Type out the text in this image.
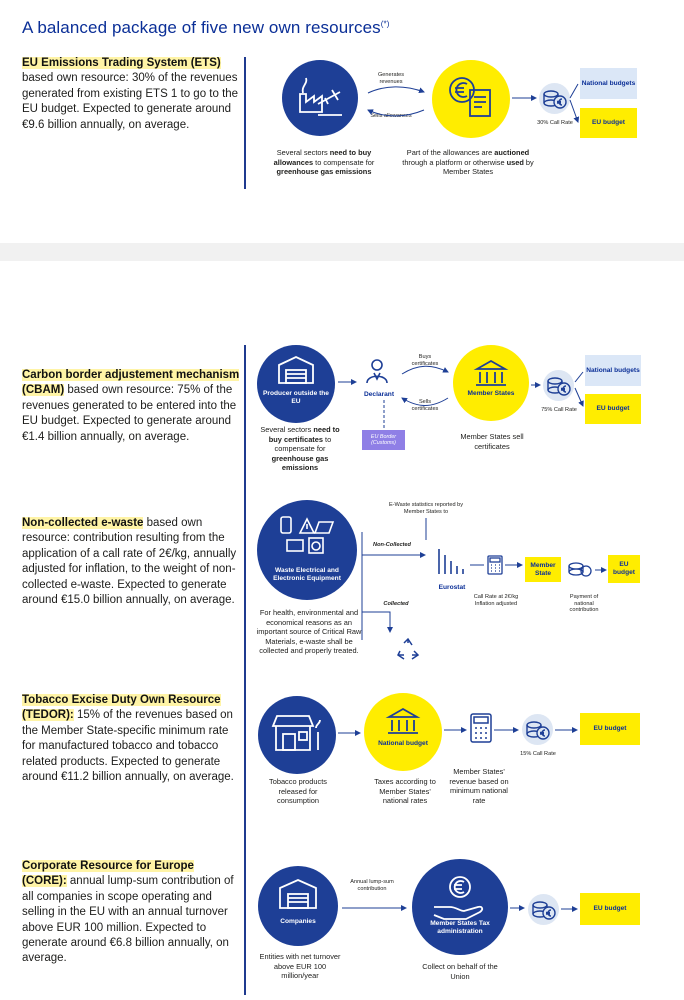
A balanced package of five new own resources(*)
EU Emissions Trading System (ETS)
based own resource: 30% of the revenues generated from existing ETS 1 to go to the EU budget. Expected to generate around €9.6 billion annually, on average.
Generates revenues
Sells allowances
Several sectors need to buy allowances to compensate for greenhouse gas emissions
Part of the allowances are auctioned through a platform or otherwise used by Member States
30% Call Rate
National budgets
EU budget
Carbon border adjustement mechanism (CBAM) based own resource: 75% of the revenues generated to be entered into the EU budget. Expected to generate around €1.4 billion annually, on average.
Producer outside the EU
Declarant
EU Border (Customs)
Buys certificates
Sells certificates
Member States
Several sectors need to buy certificates to compensate for greenhouse gas emissions
Member States sell certificates
75% Call Rate
National budgets
EU budget
Non-collected e-waste based own resource: contribution resulting from the application of a call rate of 2€/kg, annually adjusted for inflation, to the weight of non-collected e-waste. Expected to generate around €15.0 billion annually, on average.
Waste Electrical and Electronic Equipment
For health, environmental and economical reasons as an important source of Critical Raw Materials, e-waste shall be collected and properly treated.
E-Waste statistics reported by Member States to
Non-Collected
Collected
Eurostat
Call Rate at 2€/kg Inflation adjusted
Member State
Payment of national contribution
EU budget
Tobacco Excise Duty Own Resource (TEDOR): 15% of the revenues based on the Member State-specific minimum rate for manufactured tobacco and tobacco related products. Expected to generate around €11.2 billion annually, on average.
National budget
15% Call Rate
EU budget
Tobacco products released for consumption
Taxes according to Member States' national rates
Member States' revenue based on minimum national rate
Corporate Resource for Europe (CORE): annual lump-sum contribution of all companies in scope operating and selling in the EU with an annual turnover above EUR 100 million. Expected to generate around €6.8 billion annually, on average.
Companies
Annual lump-sum contribution
Member States Tax administration
EU budget
Entities with net turnover above EUR 100 million/year
Collect on behalf of the Union
